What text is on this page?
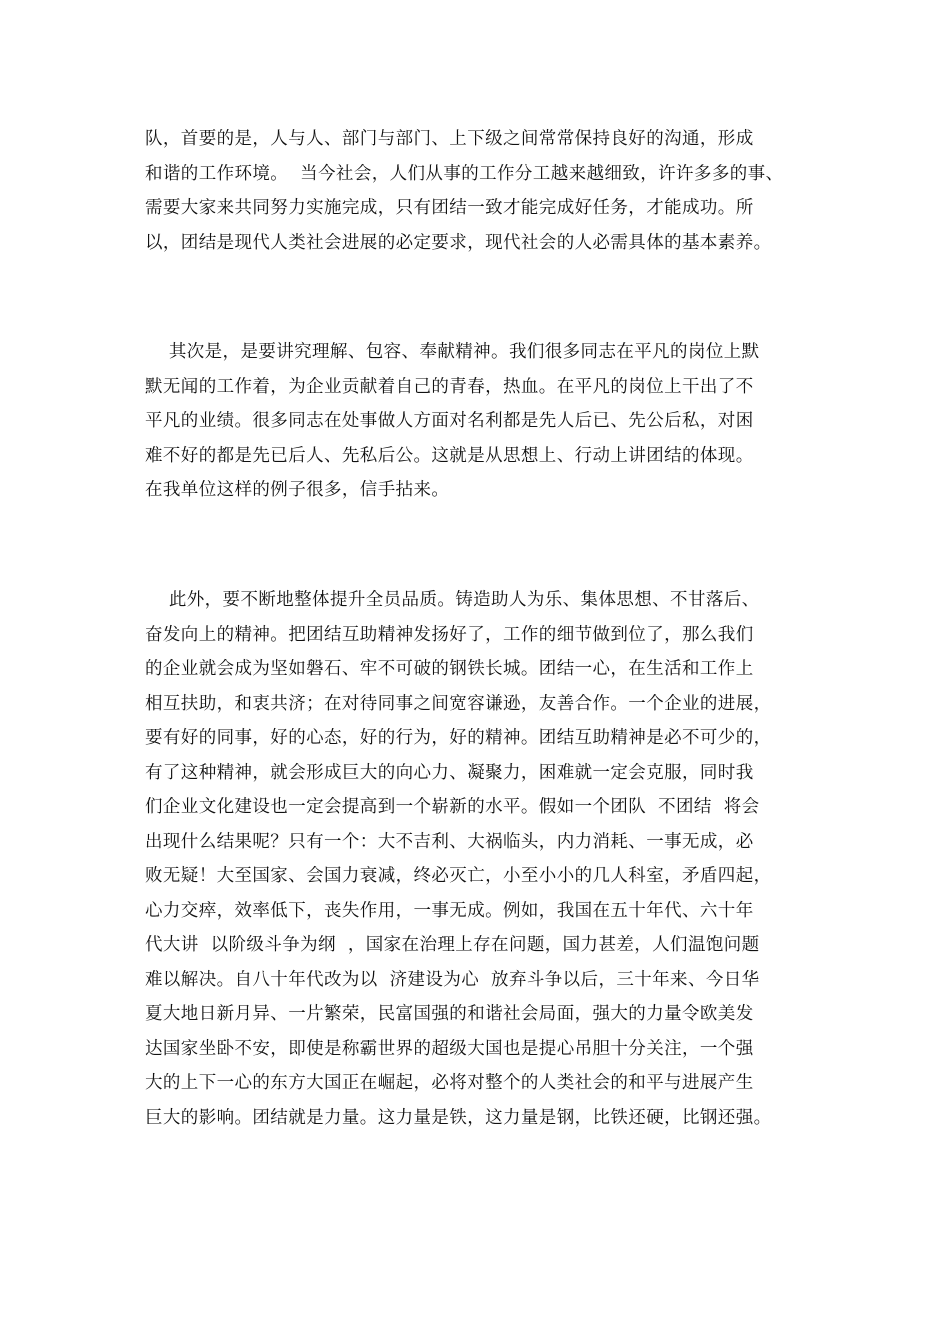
队，首要的是，人与人、部门与部门、上下级之间常常保持良好的沟通，形成
和谐的工作环境。  当今社会，人们从事的工作分工越来越细致，许许多多的事、
需要大家来共同努力实施完成，只有团结一致才能完成好任务，才能成功。所
以，团结是现代人类社会进展的必定要求，现代社会的人必需具体的基本素养。
其次是，是要讲究理解、包容、奉献精神。我们很多同志在平凡的岗位上默
默无闻的工作着，为企业贡献着自己的青春，热血。在平凡的岗位上干出了不
平凡的业绩。很多同志在处事做人方面对名利都是先人后已、先公后私，对困
难不好的都是先已后人、先私后公。这就是从思想上、行动上讲团结的体现。
在我单位这样的例子很多，信手拈来。
此外，要不断地整体提升全员品质。铸造助人为乐、集体思想、不甘落后、
奋发向上的精神。把团结互助精神发扬好了，工作的细节做到位了，那么我们
的企业就会成为坚如磐石、牢不可破的钢铁长城。团结一心，在生活和工作上
相互扶助，和衷共济；在对待同事之间宽容谦逊，友善合作。一个企业的进展，
要有好的同事，好的心态，好的行为，好的精神。团结互助精神是必不可少的，
有了这种精神，就会形成巨大的向心力、凝聚力，困难就一定会克服，同时我
们企业文化建设也一定会提高到一个崭新的水平。假如一个团队  不团结  将会
出现什么结果呢？只有一个：大不吉利、大祸临头，内力消耗、一事无成，必
败无疑！大至国家、会国力衰减，终必灭亡，小至小小的几人科室，矛盾四起，
心力交瘁，效率低下，丧失作用，一事无成。例如，我国在五十年代、六十年
代大讲  以阶级斗争为纲  ，国家在治理上存在问题，国力甚差，人们温饱问题
难以解决。自八十年代改为以  济建设为心  放弃斗争以后，三十年来、今日华
夏大地日新月异、一片繁荣，民富国强的和谐社会局面，强大的力量令欧美发
达国家坐卧不安，即使是称霸世界的超级大国也是提心吊胆十分关注，一个强
大的上下一心的东方大国正在崛起，必将对整个的人类社会的和平与进展产生
巨大的影响。团结就是力量。这力量是铁，这力量是钢，比铁还硬，比钢还强。
